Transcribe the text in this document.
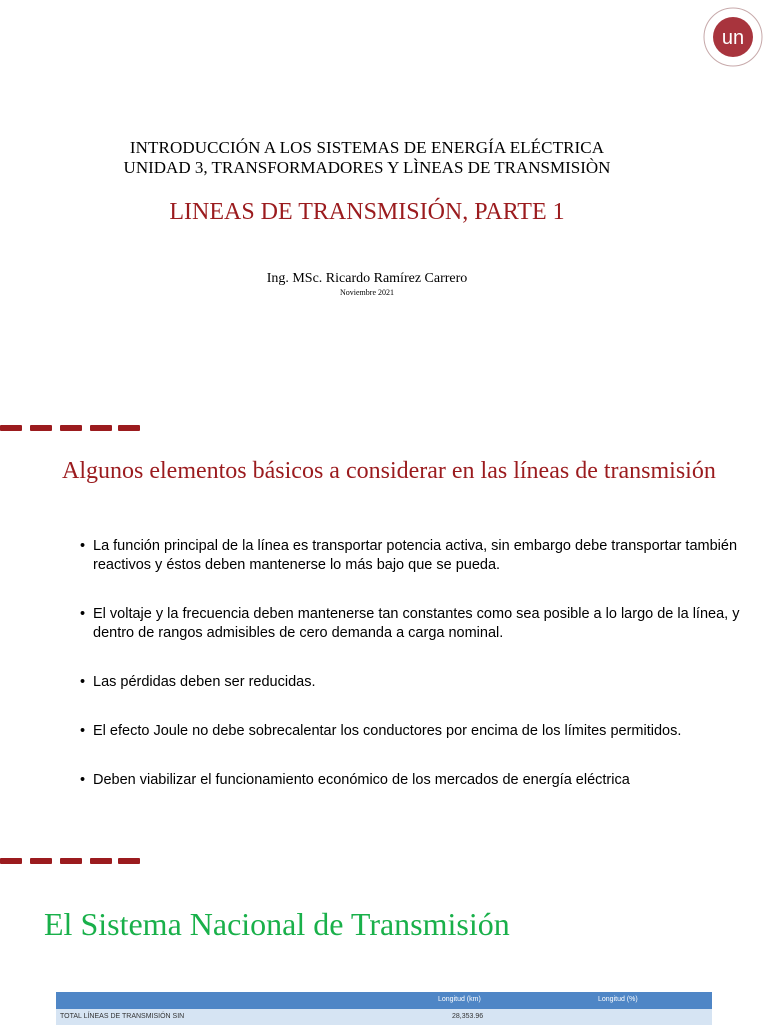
un
INTRODUCCIÓN A LOS SISTEMAS DE ENERGÍA ELÉCTRICA
UNIDAD 3, TRANSFORMADORES Y LÌNEAS DE TRANSMISIÒN
LINEAS DE TRANSMISIÓN, PARTE 1
Ing. MSc. Ricardo Ramírez Carrero
Noviembre 2021
Algunos elementos básicos a considerar en las líneas de transmisión
• La función principal de la línea es transportar potencia activa, sin embargo debe transportar también reactivos y éstos deben mantenerse lo más bajo que se pueda.
• El voltaje y la frecuencia deben mantenerse tan constantes como sea posible a lo largo de la línea, y dentro de rangos admisibles de cero demanda a carga nominal.
• Las pérdidas deben ser reducidas.
• El efecto Joule no debe sobrecalentar los conductores por encima de los límites permitidos.
• Deben viabilizar el funcionamiento económico de los mercados de energía eléctrica
El Sistema Nacional de Transmisión
Longitud (km)	Longitud (%)
TOTAL LÍNEAS DE TRANSMISIÓN SIN	28,353.96
